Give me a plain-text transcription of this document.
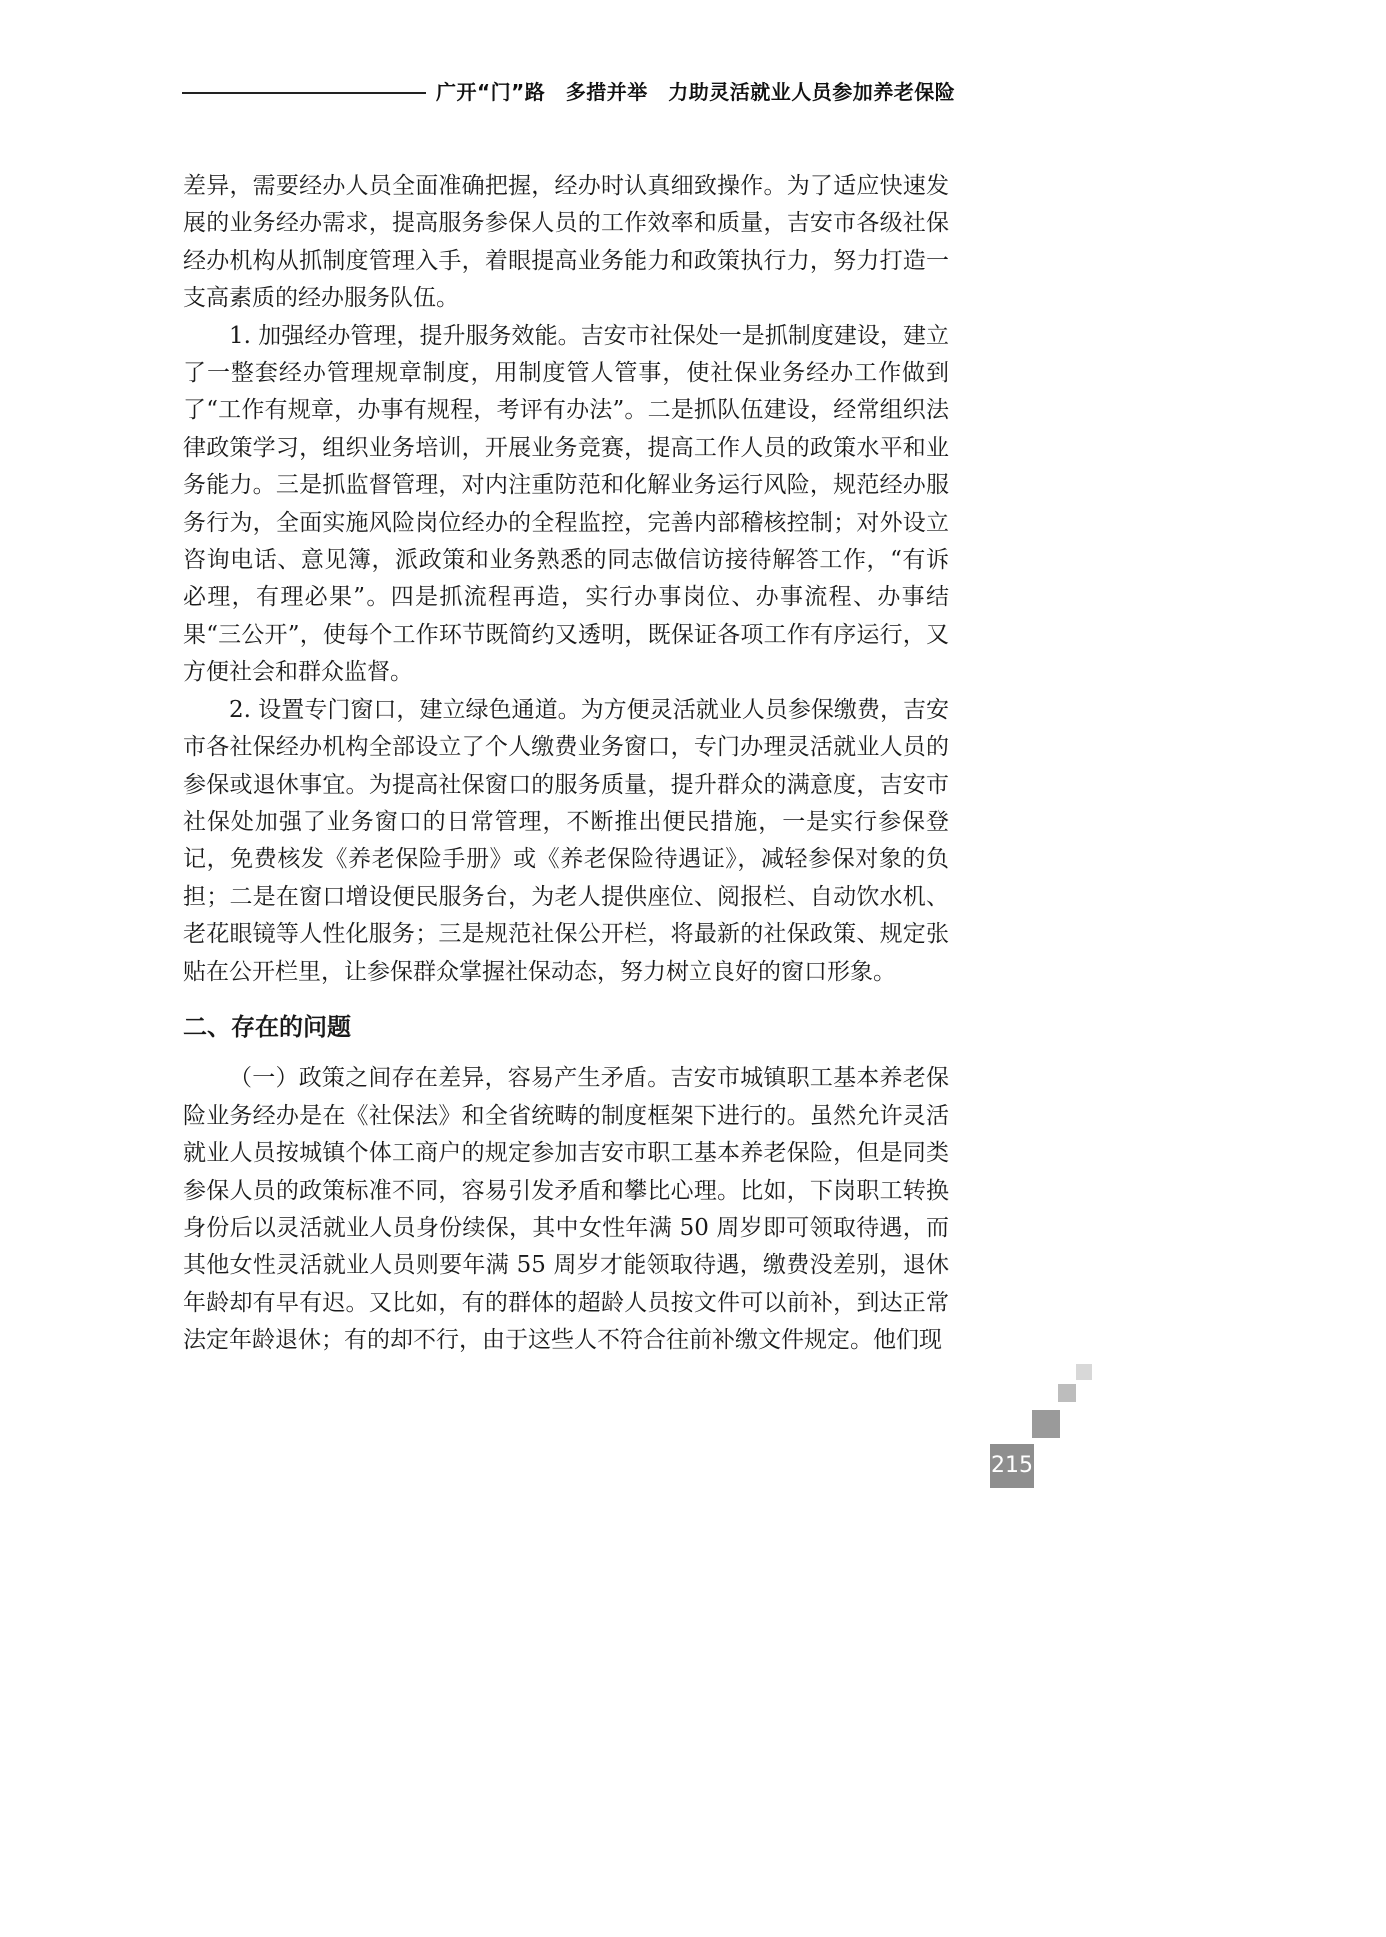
广开“门”路　多措并举　力助灵活就业人员参加养老保险

差异，需要经办人员全面准确把握，经办时认真细致操作。为了适应快速发展的业务经办需求，提高服务参保人员的工作效率和质量，吉安市各级社保经办机构从抓制度管理入手，着眼提高业务能力和政策执行力，努力打造一支高素质的经办服务队伍。

1. 加强经办管理，提升服务效能。吉安市社保处一是抓制度建设，建立了一整套经办管理规章制度，用制度管人管事，使社保业务经办工作做到了“工作有规章，办事有规程，考评有办法”。二是抓队伍建设，经常组织法律政策学习，组织业务培训，开展业务竞赛，提高工作人员的政策水平和业务能力。三是抓监督管理，对内注重防范和化解业务运行风险，规范经办服务行为，全面实施风险岗位经办的全程监控，完善内部稽核控制；对外设立咨询电话、意见簿，派政策和业务熟悉的同志做信访接待解答工作，“有诉必理，有理必果”。四是抓流程再造，实行办事岗位、办事流程、办事结果“三公开”，使每个工作环节既简约又透明，既保证各项工作有序运行，又方便社会和群众监督。

2. 设置专门窗口，建立绿色通道。为方便灵活就业人员参保缴费，吉安市各社保经办机构全部设立了个人缴费业务窗口，专门办理灵活就业人员的参保或退休事宜。为提高社保窗口的服务质量，提升群众的满意度，吉安市社保处加强了业务窗口的日常管理，不断推出便民措施，一是实行参保登记，免费核发《养老保险手册》或《养老保险待遇证》，减轻参保对象的负担；二是在窗口增设便民服务台，为老人提供座位、阅报栏、自动饮水机、老花眼镜等人性化服务；三是规范社保公开栏，将最新的社保政策、规定张贴在公开栏里，让参保群众掌握社保动态，努力树立良好的窗口形象。

二、存在的问题

（一）政策之间存在差异，容易产生矛盾。吉安市城镇职工基本养老保险业务经办是在《社保法》和全省统畴的制度框架下进行的。虽然允许灵活就业人员按城镇个体工商户的规定参加吉安市职工基本养老保险，但是同类参保人员的政策标准不同，容易引发矛盾和攀比心理。比如，下岗职工转换身份后以灵活就业人员身份续保，其中女性年满 50 周岁即可领取待遇，而其他女性灵活就业人员则要年满 55 周岁才能领取待遇，缴费没差别，退休年龄却有早有迟。又比如，有的群体的超龄人员按文件可以前补，到达正常法定年龄退休；有的却不行，由于这些人不符合往前补缴文件规定。他们现

215
